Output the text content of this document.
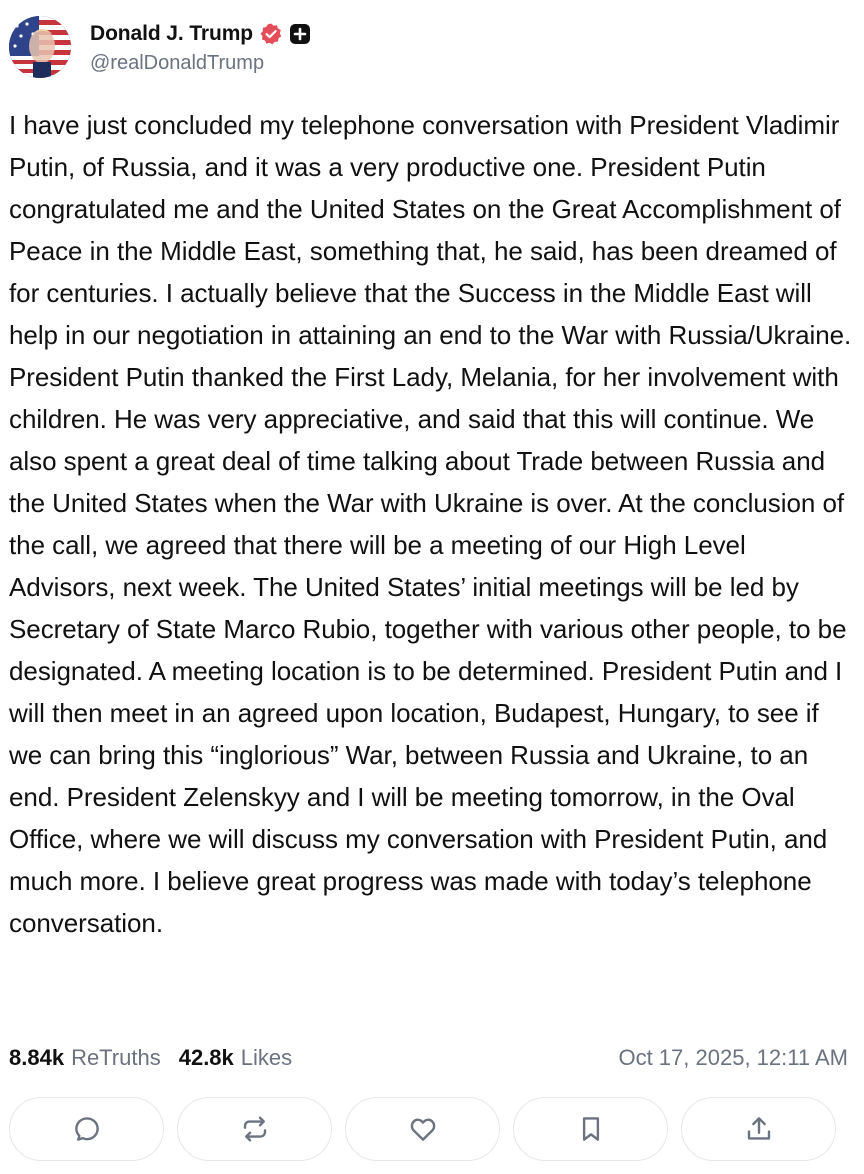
Donald J. Trump
@realDonaldTrump
I have just concluded my telephone conversation with President Vladimir Putin, of Russia, and it was a very productive one. President Putin congratulated me and the United States on the Great Accomplishment of Peace in the Middle East, something that, he said, has been dreamed of for centuries. I actually believe that the Success in the Middle East will help in our negotiation in attaining an end to the War with Russia/Ukraine. President Putin thanked the First Lady, Melania, for her involvement with children. He was very appreciative, and said that this will continue. We also spent a great deal of time talking about Trade between Russia and the United States when the War with Ukraine is over. At the conclusion of the call, we agreed that there will be a meeting of our High Level Advisors, next week. The United States’ initial meetings will be led by Secretary of State Marco Rubio, together with various other people, to be designated. A meeting location is to be determined. President Putin and I will then meet in an agreed upon location, Budapest, Hungary, to see if we can bring this “inglorious” War, between Russia and Ukraine, to an end. President Zelenskyy and I will be meeting tomorrow, in the Oval Office, where we will discuss my conversation with President Putin, and much more. I believe great progress was made with today’s telephone conversation.
8.84k ReTruths 42.8k Likes	Oct 17, 2025, 12:11 AM
